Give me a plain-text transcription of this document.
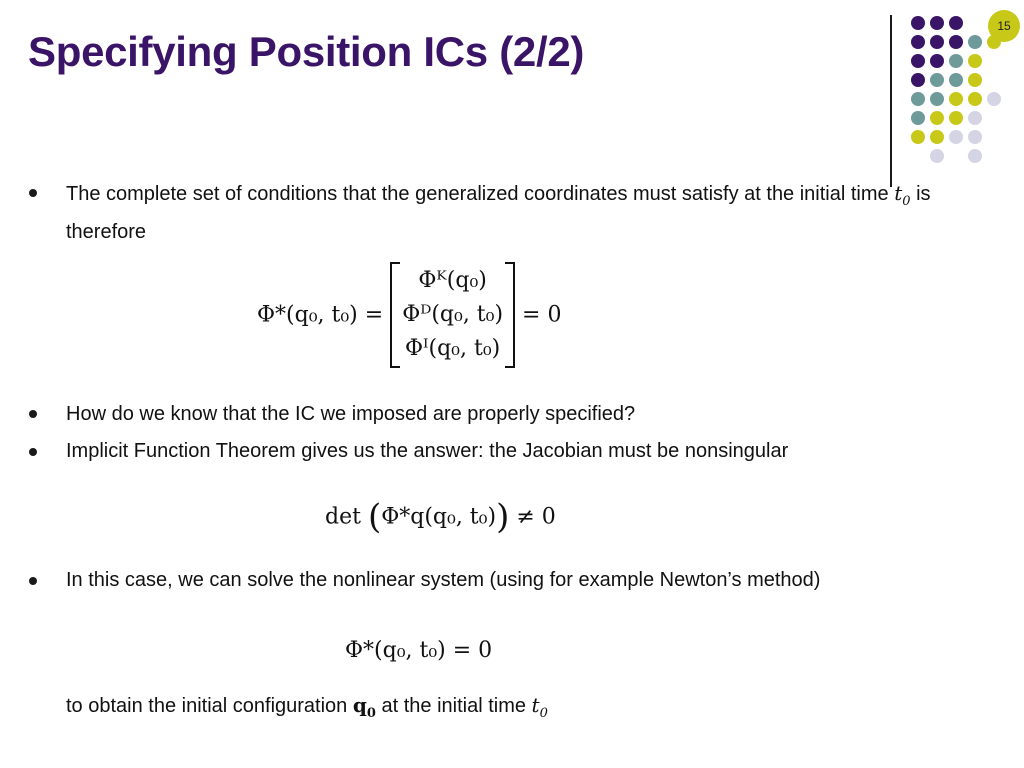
Specifying Position ICs (2/2)
15
The complete set of conditions that the generalized coordinates must satisfy at the initial time $t_0$ is therefore
Φ*(q₀, t₀) =
Φᴷ(q₀)
Φᴰ(q₀, t₀)
Φᴵ(q₀, t₀)
= 0
How do we know that the IC we imposed are properly specified?
Implicit Function Theorem gives us the answer: the Jacobian must be nonsingular
det (Φ*q(q₀, t₀)) ≠ 0
In this case, we can solve the nonlinear system (using for example Newton’s method)
Φ*(q₀, t₀) = 0
to obtain the initial configuration $q_0$ at the initial time $t_0$
